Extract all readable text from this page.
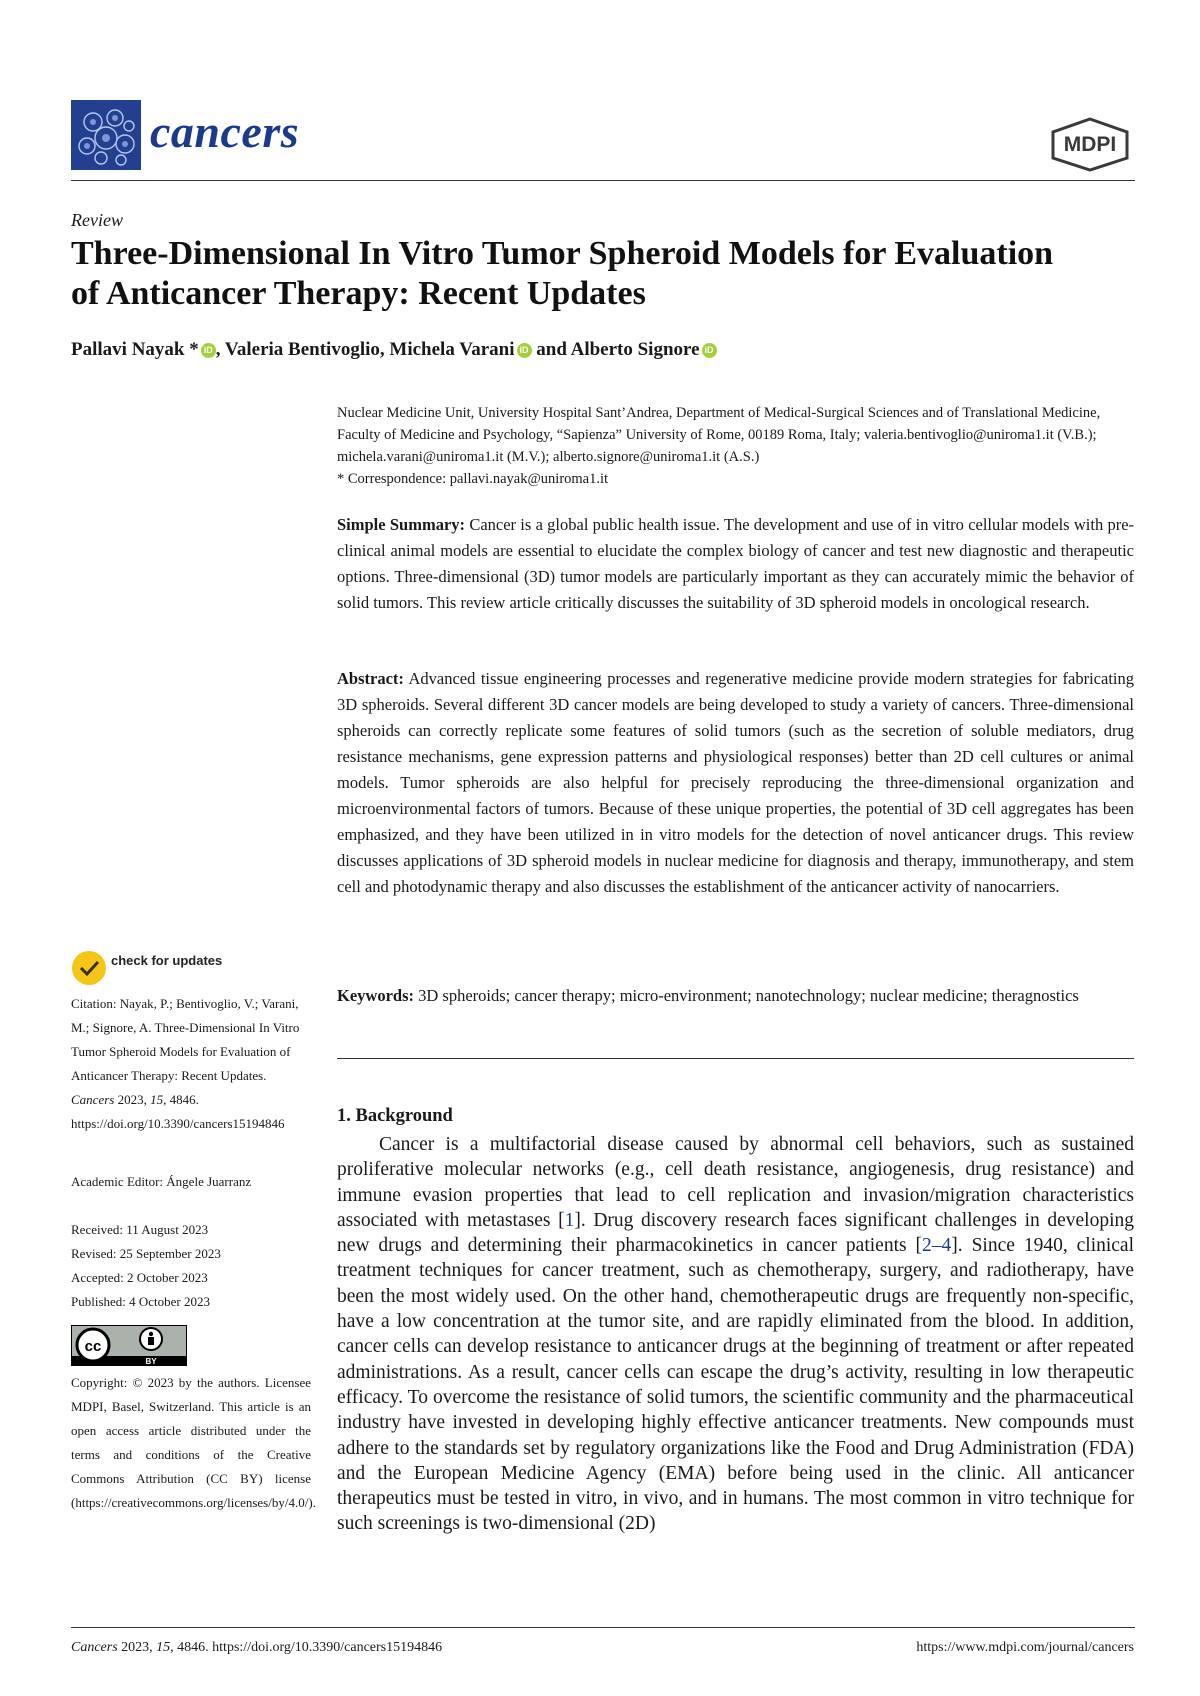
cancers	MDPI
Review
Three-Dimensional In Vitro Tumor Spheroid Models for Evaluation of Anticancer Therapy: Recent Updates
Pallavi Nayak * iD , Valeria Bentivoglio, Michela Varani iD and Alberto Signore iD

Nuclear Medicine Unit, University Hospital Sant’Andrea, Department of Medical-Surgical Sciences and of Translational Medicine, Faculty of Medicine and Psychology, “Sapienza” University of Rome, 00189 Roma, Italy; valeria.bentivoglio@uniroma1.it (V.B.); michela.varani@uniroma1.it (M.V.); alberto.signore@uniroma1.it (A.S.)

* Correspondence: pallavi.nayak@uniroma1.it

Simple Summary: Cancer is a global public health issue. The development and use of in vitro cellular models with pre-clinical animal models are essential to elucidate the complex biology of cancer and test new diagnostic and therapeutic options. Three-dimensional (3D) tumor models are particularly important as they can accurately mimic the behavior of solid tumors. This review article critically discusses the suitability of 3D spheroid models in oncological research.
Abstract: Advanced tissue engineering processes and regenerative medicine provide modern strategies for fabricating 3D spheroids. Several different 3D cancer models are being developed to study a variety of cancers. Three-dimensional spheroids can correctly replicate some features of solid tumors (such as the secretion of soluble mediators, drug resistance mechanisms, gene expression patterns and physiological responses) better than 2D cell cultures or animal models. Tumor spheroids are also helpful for precisely reproducing the three-dimensional organization and microenvironmental factors of tumors. Because of these unique properties, the potential of 3D cell aggregates has been emphasized, and they have been utilized in in vitro models for the detection of novel anticancer drugs. This review discusses applications of 3D spheroid models in nuclear medicine for diagnosis and therapy, immunotherapy, and stem cell and photodynamic therapy and also discusses the establishment of the anticancer activity of nanocarriers.
Keywords: 3D spheroids; cancer therapy; micro-environment; nanotechnology; nuclear medicine; theragnostics
1. Background
Cancer is a multifactorial disease caused by abnormal cell behaviors, such as sustained proliferative molecular networks (e.g., cell death resistance, angiogenesis, drug resistance) and immune evasion properties that lead to cell replication and invasion/migration characteristics associated with metastases [1]. Drug discovery research faces significant challenges in developing new drugs and determining their pharmacokinetics in cancer patients [2–4]. Since 1940, clinical treatment techniques for cancer treatment, such as chemotherapy, surgery, and radiotherapy, have been the most widely used. On the other hand, chemotherapeutic drugs are frequently non-specific, have a low concentration at the tumor site, and are rapidly eliminated from the blood. In addition, cancer cells can develop resistance to anticancer drugs at the beginning of treatment or after repeated administrations. As a result, cancer cells can escape the drug’s activity, resulting in low therapeutic efficacy. To overcome the resistance of solid tumors, the scientific community and the pharmaceutical industry have invested in developing highly effective anticancer treatments. New compounds must adhere to the standards set by regulatory organizations like the Food and Drug Administration (FDA) and the European Medicine Agency (EMA) before being used in the clinic. All anticancer therapeutics must be tested in vitro, in vivo, and in humans. The most common in vitro technique for such screenings is two-dimensional (2D)
check for updates

Citation: Nayak, P.; Bentivoglio, V.; Varani, M.; Signore, A. Three-Dimensional In Vitro Tumor Spheroid Models for Evaluation of Anticancer Therapy: Recent Updates. Cancers 2023, 15, 4846. https://doi.org/10.3390/cancers15194846

Academic Editor: Ángele Juarranz

Received: 11 August 2023

Revised: 25 September 2023

Accepted: 2 October 2023

Published: 4 October 2023

cc
BY

Copyright: © 2023 by the authors. Licensee MDPI, Basel, Switzerland. This article is an open access article distributed under the terms and conditions of the Creative Commons Attribution (CC BY) license (https://creativecommons.org/licenses/by/4.0/).

Cancers 2023, 15, 4846. https://doi.org/10.3390/cancers15194846	https://www.mdpi.com/journal/cancers
